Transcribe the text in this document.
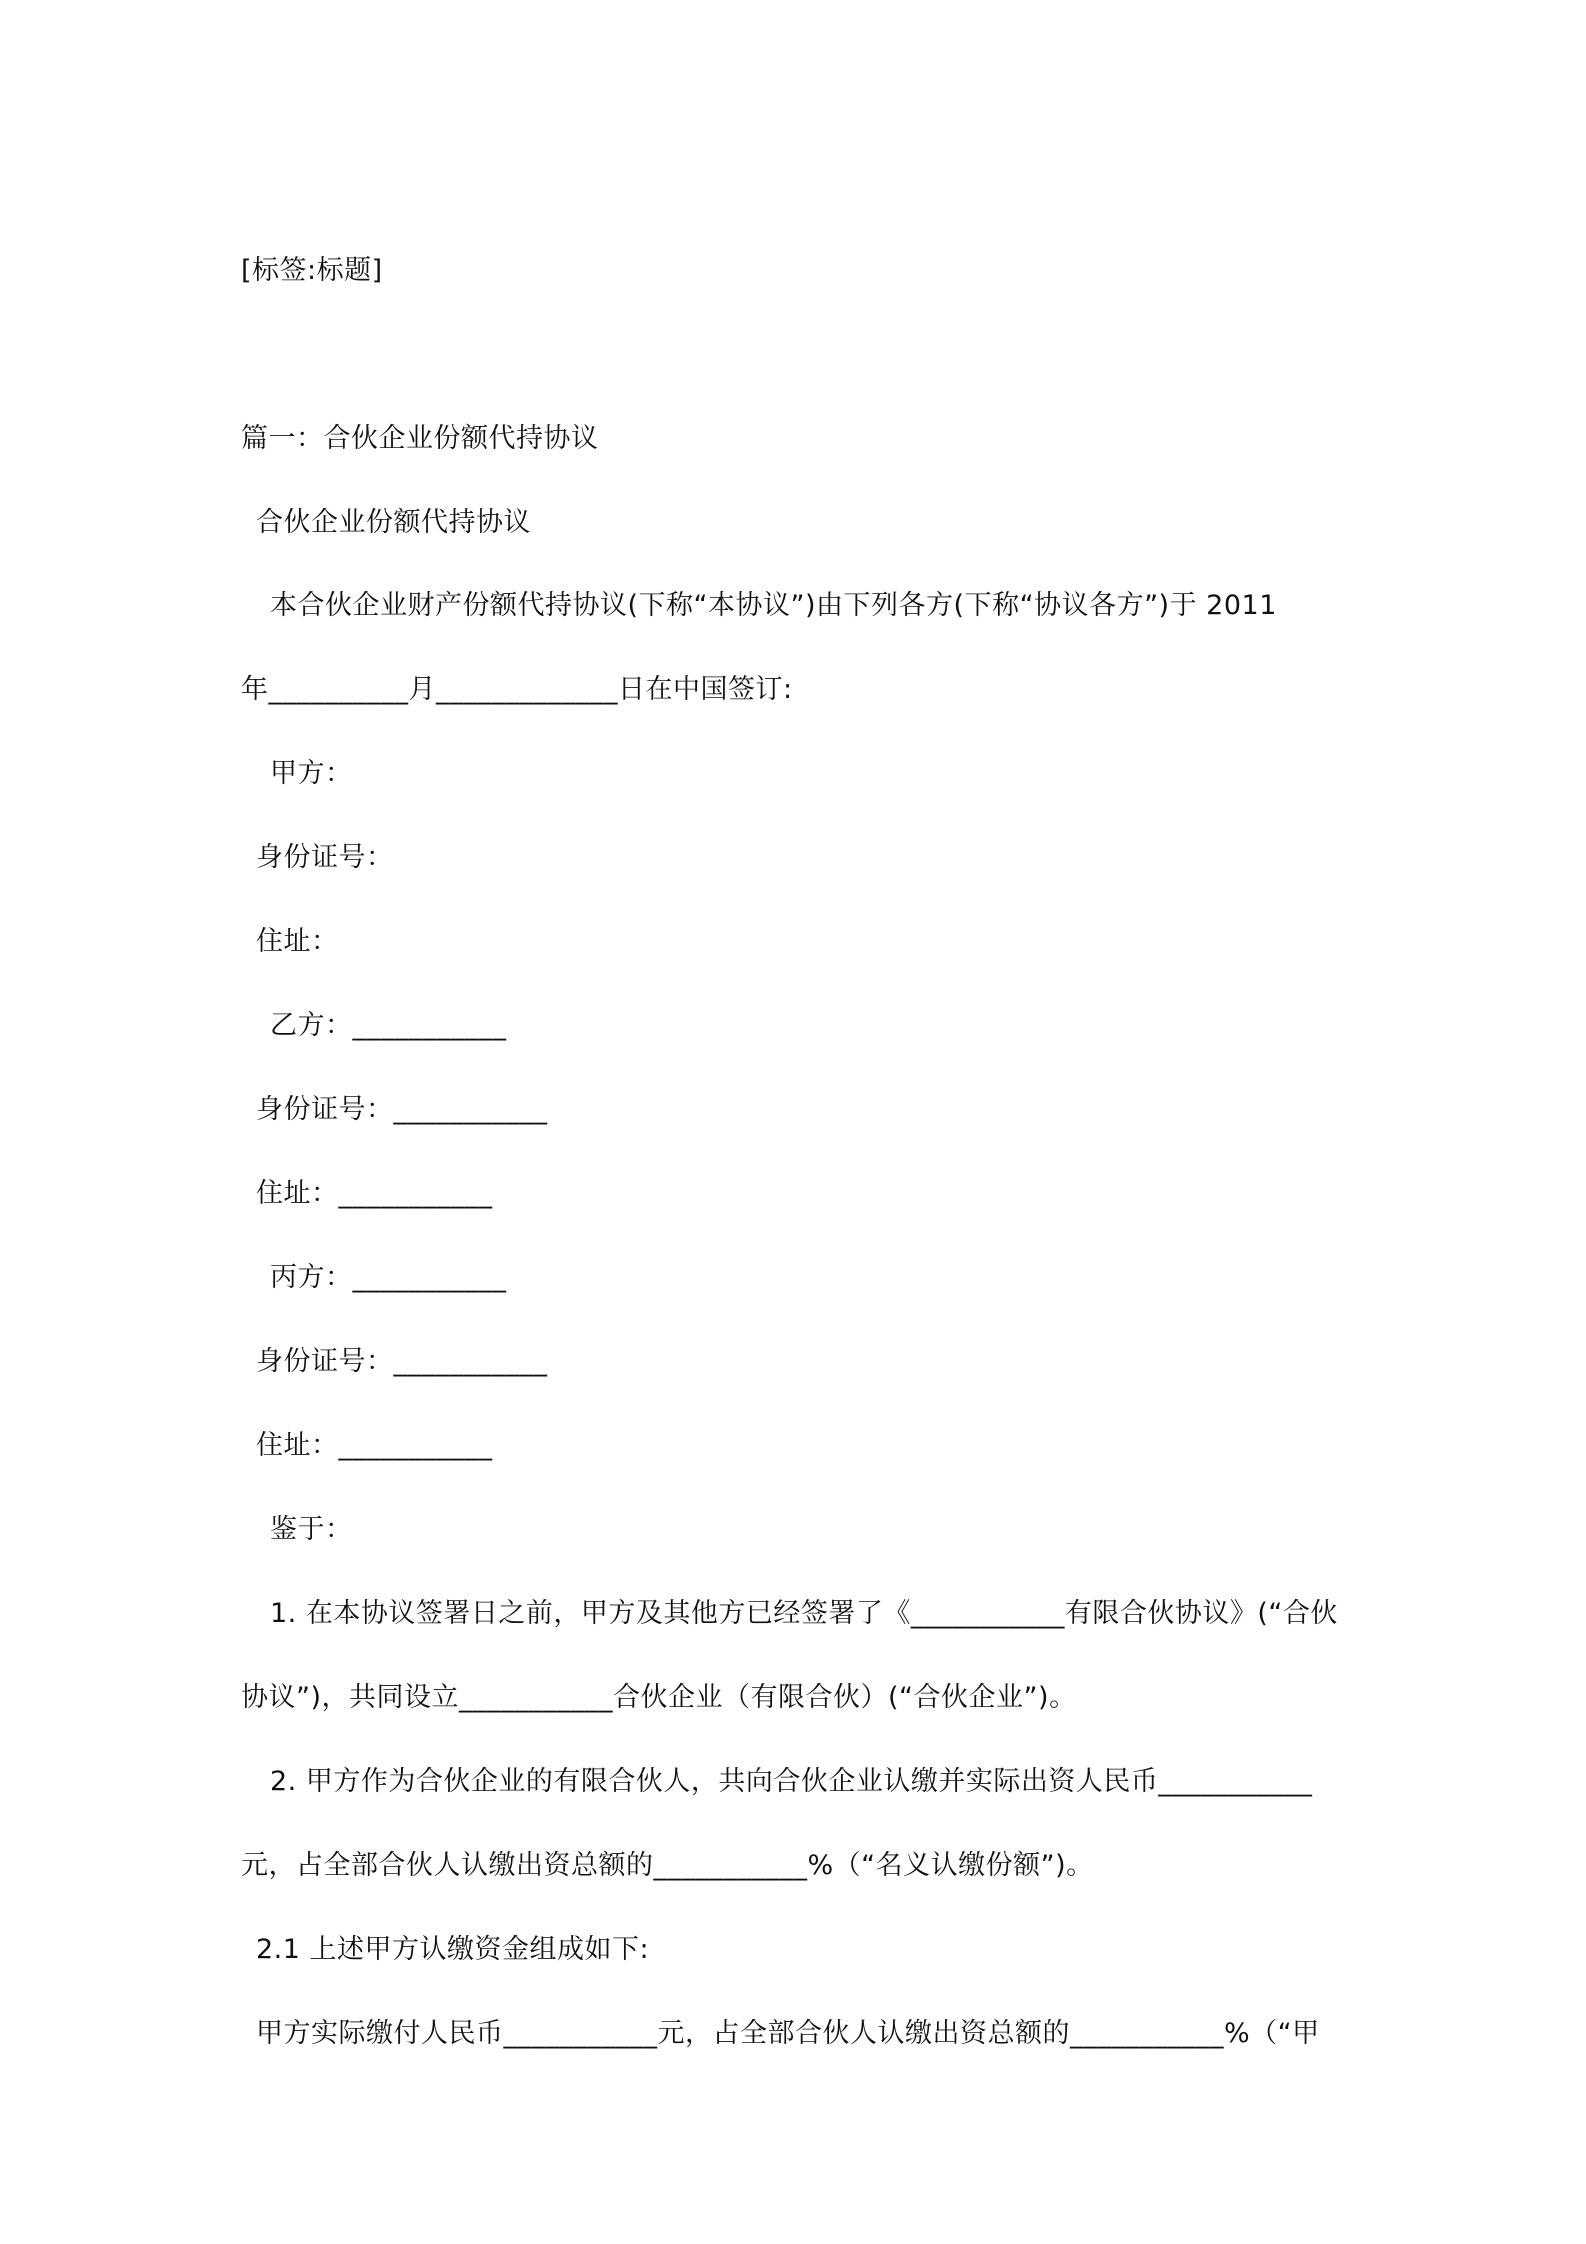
[标签:标题]
篇一：合伙企业份额代持协议
合伙企业份额代持协议
本合伙企业财产份额代持协议(下称“本协议”)由下列各方(下称“协议各方”)于 2011
年__________月_____________日在中国签订:
甲方：
身份证号：
住址：
乙方：___________
身份证号：___________
住址：___________
丙方：___________
身份证号：___________
住址：___________
鉴于：
1. 在本协议签署日之前，甲方及其他方已经签署了《___________有限合伙协议》(“合伙
协议”)，共同设立___________合伙企业（有限合伙）(“合伙企业”)。
2. 甲方作为合伙企业的有限合伙人，共向合伙企业认缴并实际出资人民币___________
元，占全部合伙人认缴出资总额的___________%（“名义认缴份额”)。
2.1 上述甲方认缴资金组成如下:
甲方实际缴付人民币___________元，占全部合伙人认缴出资总额的___________%（“甲
